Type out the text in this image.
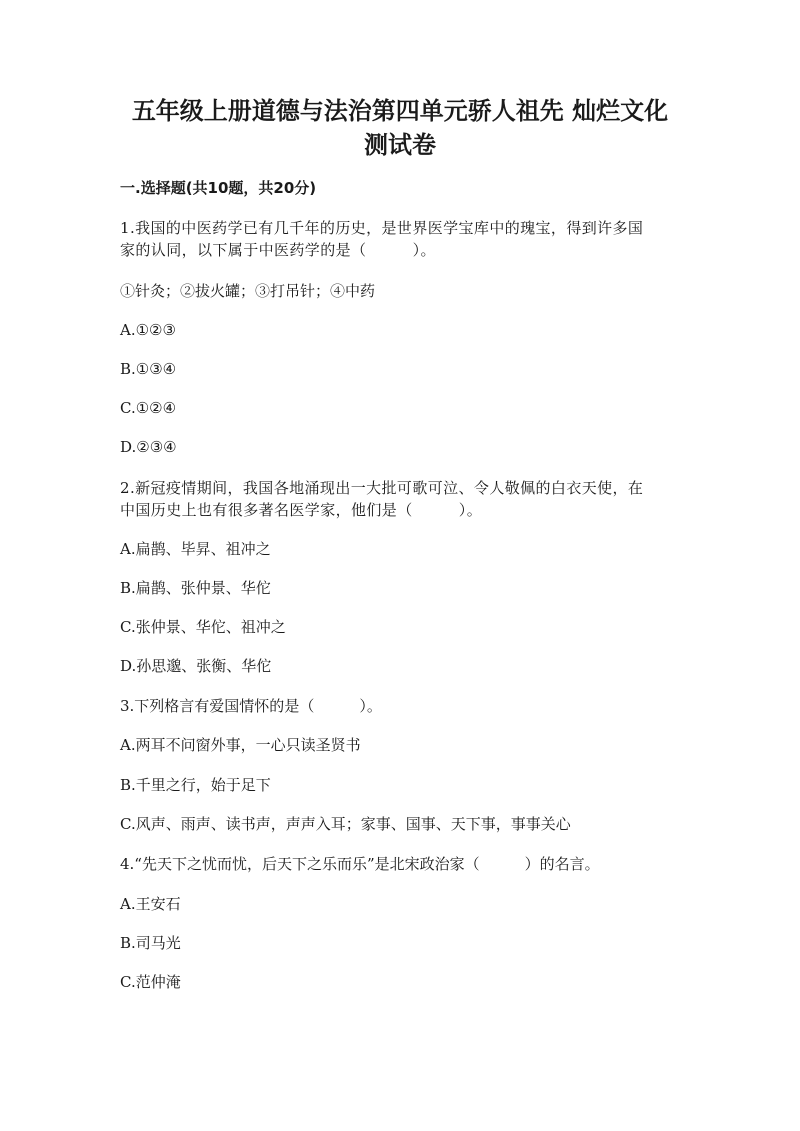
五年级上册道德与法治第四单元骄人祖先 灿烂文化
测试卷
一.选择题(共10题，共20分)
1.我国的中医药学已有几千年的历史，是世界医学宝库中的瑰宝，得到许多国
家的认同，以下属于中医药学的是（　　　）。
①针灸；②拔火罐；③打吊针；④中药
A.①②③
B.①③④
C.①②④
D.②③④
2.新冠疫情期间，我国各地涌现出一大批可歌可泣、令人敬佩的白衣天使，在
中国历史上也有很多著名医学家，他们是（　　　）。
A.扁鹊、毕昇、祖冲之
B.扁鹊、张仲景、华佗
C.张仲景、华佗、祖冲之
D.孙思邈、张衡、华佗
3.下列格言有爱国情怀的是（　　　）。
A.两耳不问窗外事，一心只读圣贤书
B.千里之行，始于足下
C.风声、雨声、读书声，声声入耳；家事、国事、天下事，事事关心
4.“先天下之忧而忧，后天下之乐而乐”是北宋政治家（　　　）的名言。
A.王安石
B.司马光
C.范仲淹
